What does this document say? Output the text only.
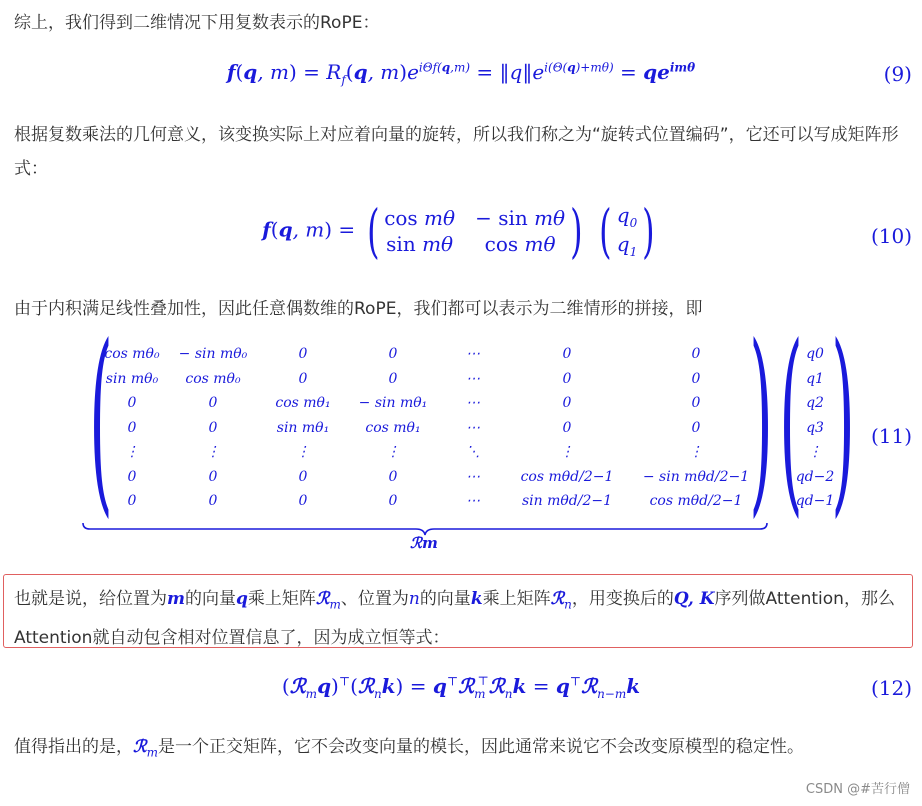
综上，我们得到二维情况下用复数表示的RoPE：
f(q, $m) = R_f(q$, $m)e^{i\Theta f(q,m)}$ = $‖q‖e^{i(\Theta(q)+m\theta)} = qe^{im\theta}$	(9)
根据复数乘法的几何意义，该变换实际上对应着向量的旋转，所以我们称之为“旋转式位置编码”，它还可以写成矩阵形式：
f(q, m) = ( cos mθ − sin mθ
sin mθ	cos mθ )
( $q_0$
$q_1$ )	(10)
由于内积满足线性叠加性，因此任意偶数维的RoPE，我们都可以表示为二维情形的拼接，即
(
cos mθ₀	− sin mθ₀	0	0	⋯	0	0
sin mθ₀	cos mθ₀	0	0	⋯	0	0
0	0	cos mθ₁	− sin mθ₁	⋯	0	0
0	0	sin mθ₁	cos mθ₁	⋯	0	0
⋮	⋮	⋮	⋮	⋱	⋮	⋮
0	0	0	0	⋯	cos mθd/2−1	− sin mθd/2−1
0	0	0	0	⋯	sin mθd/2−1	cos mθd/2−1 ) ( q0
q1
q2
q3
⋮
qd−2
qd−1
)
ℛm
(11)
也就是说，给位置为m的向量q乘上矩阵ℛ$_m$、位置为n的向量k乘上矩阵ℛ$_n$，用变换后的Q, K序列做Attention，那么Attention就自动包含相对位置信息了，因为成立恒等式：
(ℛ$_m$q)⊤(ℛ$_n$k) = q⊤ℛ$_m$⊤ℛ$_n$k = q⊤ℛ$_{n-m}$k	(12)
值得指出的是，ℛ$_m$是一个正交矩阵，它不会改变向量的模长，因此通常来说它不会改变原模型的稳定性。
CSDN @#苦行僧
